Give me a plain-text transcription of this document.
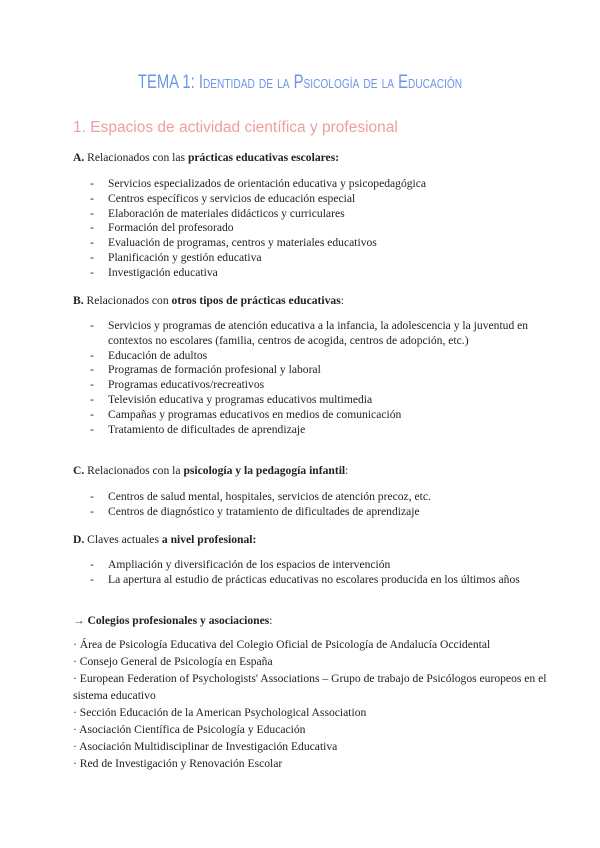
TEMA 1: Identidad de la Psicología de la Educación
1. Espacios de actividad científica y profesional
A. Relacionados con las prácticas educativas escolares:
- Servicios especializados de orientación educativa y psicopedagógica
- Centros específicos y servicios de educación especial
- Elaboración de materiales didácticos y curriculares
- Formación del profesorado
- Evaluación de programas, centros y materiales educativos
- Planificación y gestión educativa
- Investigación educativa
B. Relacionados con otros tipos de prácticas educativas:
- Servicios y programas de atención educativa a la infancia, la adolescencia y la juventud en contextos no escolares (familia, centros de acogida, centros de adopción, etc.)
- Educación de adultos
- Programas de formación profesional y laboral
- Programas educativos/recreativos
- Televisión educativa y programas educativos multimedia
- Campañas y programas educativos en medios de comunicación
- Tratamiento de dificultades de aprendizaje
C. Relacionados con la psicología y la pedagogía infantil:
- Centros de salud mental, hospitales, servicios de atención precoz, etc.
- Centros de diagnóstico y tratamiento de dificultades de aprendizaje
D. Claves actuales a nivel profesional:
- Ampliación y diversificación de los espacios de intervención
- La apertura al estudio de prácticas educativas no escolares producida en los últimos años
→ Colegios profesionales y asociaciones:
· Área de Psicología Educativa del Colegio Oficial de Psicología de Andalucía Occidental
· Consejo General de Psicología en España
· European Federation of Psychologists' Associations – Grupo de trabajo de Psicólogos europeos en el sistema educativo
· Sección Educación de la American Psychological Association
· Asociación Científica de Psicología y Educación
· Asociación Multidisciplinar de Investigación Educativa
· Red de Investigación y Renovación Escolar
